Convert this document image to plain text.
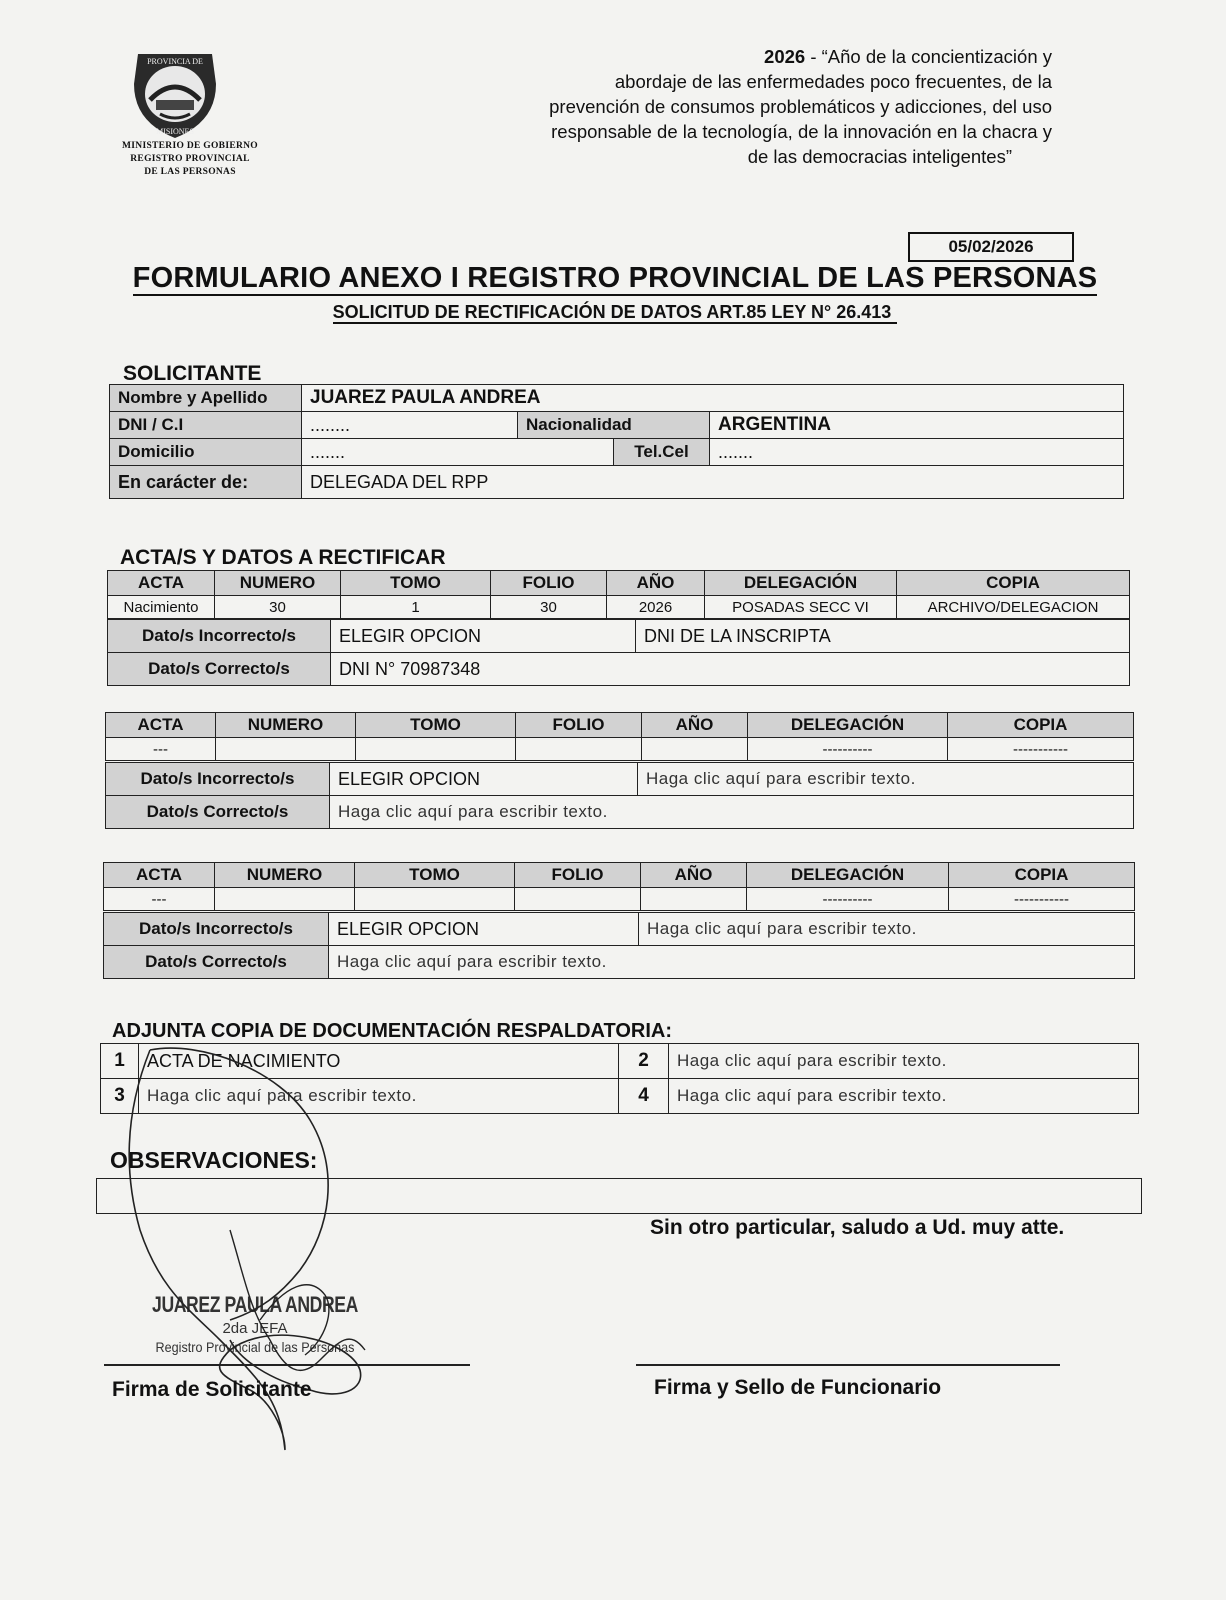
PROVINCIA DE
MISIONES
MINISTERIO DE GOBIERNO
REGISTRO PROVINCIAL
DE LAS PERSONAS
2026 - “Año de la concientización y
abordaje de las enfermedades poco frecuentes, de la
prevención de consumos problemáticos y adicciones, del uso
responsable de la tecnología, de la innovación en la chacra y
de las democracias inteligentes”
05/02/2026
FORMULARIO ANEXO I REGISTRO PROVINCIAL DE LAS PERSONAS
SOLICITUD DE RECTIFICACIÓN DE DATOS ART.85 LEY N° 26.413
SOLICITANTE
Nombre y Apellido	JUAREZ PAULA ANDREA			
DNI / C.I	........	Nacionalidad		ARGENTINA
Domicilio	.......		Tel.Cel	.......
En carácter de:	DELEGADA DEL RPP			
ACTA/S Y DATOS A RECTIFICAR
ACTA	NUMERO	TOMO	FOLIO	AÑO	DELEGACIÓN	COPIA
Nacimiento	30	1	30	2026	POSADAS SECC VI	ARCHIVO/DELEGACION
Dato/s Incorrecto/s	ELEGIR OPCION	DNI DE LA INSCRIPTA
Dato/s Correcto/s	DNI N° 70987348	
ACTA	NUMERO	TOMO	FOLIO	AÑO	DELEGACIÓN	COPIA
---					----------	-----------
Dato/s Incorrecto/s	ELEGIR OPCION	Haga clic aquí para escribir texto.
Dato/s Correcto/s	Haga clic aquí para escribir texto.	
ACTA	NUMERO	TOMO	FOLIO	AÑO	DELEGACIÓN	COPIA
---					----------	-----------
Dato/s Incorrecto/s	ELEGIR OPCION	Haga clic aquí para escribir texto.
Dato/s Correcto/s	Haga clic aquí para escribir texto.	
ADJUNTA COPIA DE DOCUMENTACIÓN RESPALDATORIA:
1	ACTA DE NACIMIENTO	2	Haga clic aquí para escribir texto.
3	Haga clic aquí para escribir texto.	4	Haga clic aquí para escribir texto.
OBSERVACIONES:
Sin otro particular, saludo a Ud. muy atte.
JUAREZ PAULA ANDREA
2da JEFA
Registro Provincial de las Personas
Firma de Solicitante	Firma y Sello de Funcionario
